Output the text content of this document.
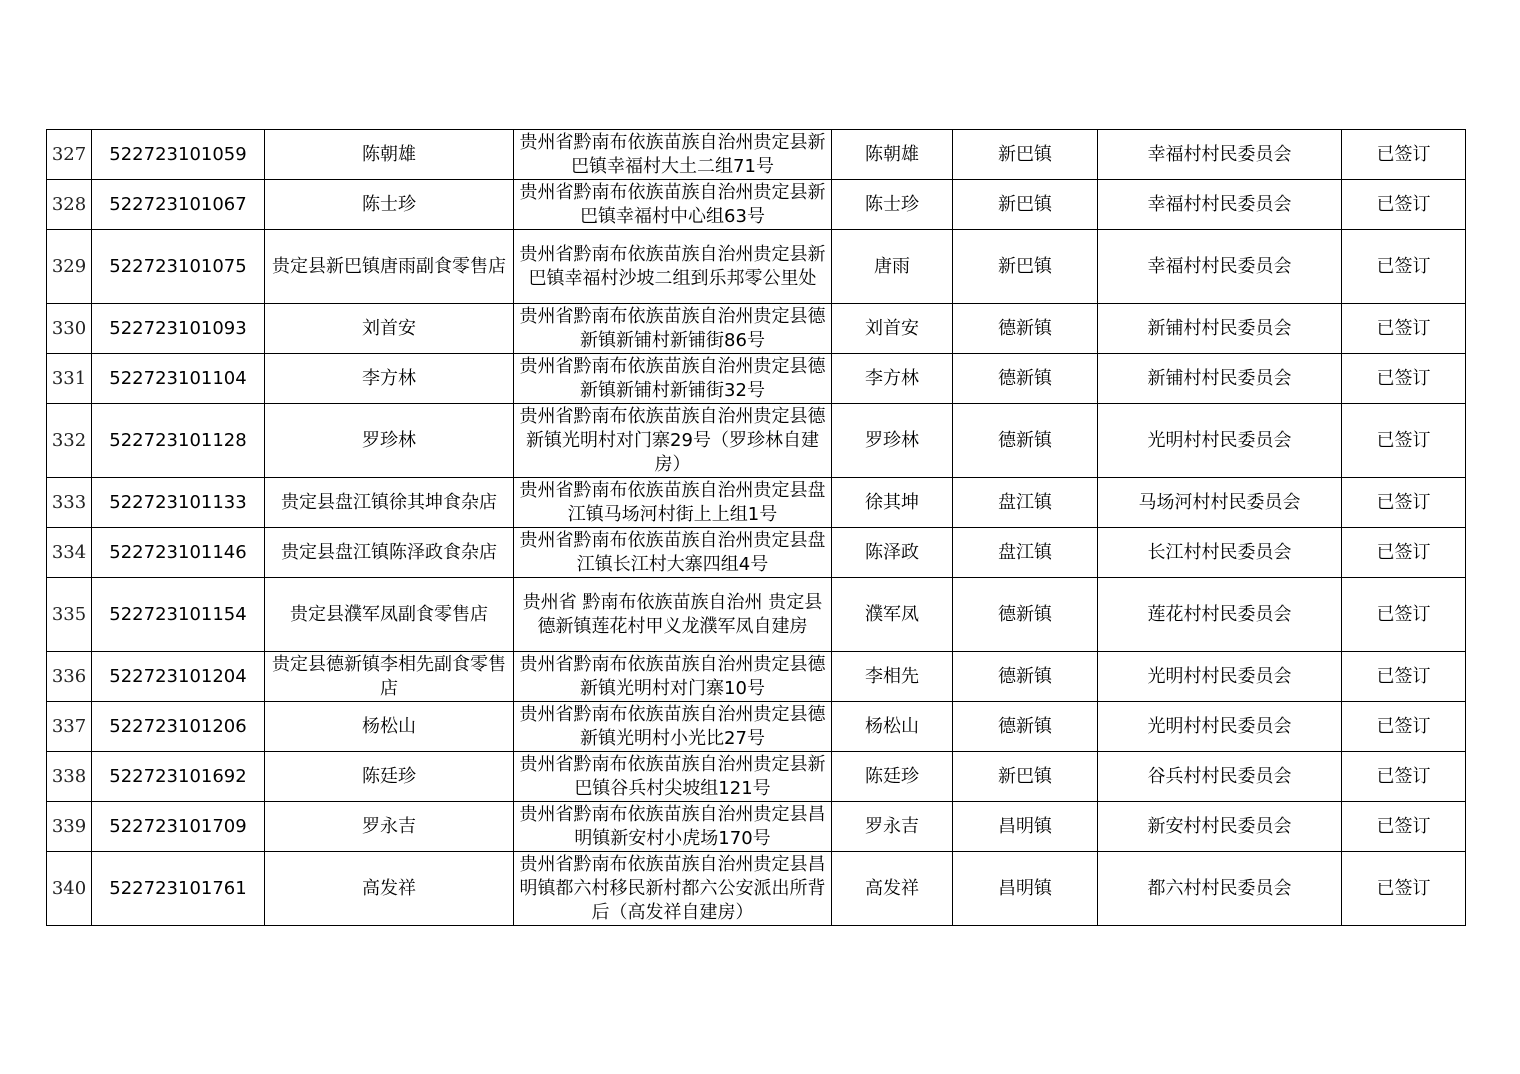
327	522723101059	陈朝雄	贵州省黔南布依族苗族自治州贵定县新巴镇幸福村大土二组71号	陈朝雄	新巴镇	幸福村村民委员会	已签订
328	522723101067	陈士珍	贵州省黔南布依族苗族自治州贵定县新巴镇幸福村中心组63号	陈士珍	新巴镇	幸福村村民委员会	已签订
329	522723101075	贵定县新巴镇唐雨副食零售店	贵州省黔南布依族苗族自治州贵定县新巴镇幸福村沙坡二组到乐邦零公里处	唐雨	新巴镇	幸福村村民委员会	已签订
330	522723101093	刘首安	贵州省黔南布依族苗族自治州贵定县德新镇新铺村新铺街86号	刘首安	德新镇	新铺村村民委员会	已签订
331	522723101104	李方林	贵州省黔南布依族苗族自治州贵定县德新镇新铺村新铺街32号	李方林	德新镇	新铺村村民委员会	已签订
332	522723101128	罗珍林	贵州省黔南布依族苗族自治州贵定县德新镇光明村对门寨29号（罗珍林自建房）	罗珍林	德新镇	光明村村民委员会	已签订
333	522723101133	贵定县盘江镇徐其坤食杂店	贵州省黔南布依族苗族自治州贵定县盘江镇马场河村街上上组1号	徐其坤	盘江镇	马场河村村民委员会	已签订
334	522723101146	贵定县盘江镇陈泽政食杂店	贵州省黔南布依族苗族自治州贵定县盘江镇长江村大寨四组4号	陈泽政	盘江镇	长江村村民委员会	已签订
335	522723101154	贵定县濮军凤副食零售店	贵州省 黔南布依族苗族自治州 贵定县德新镇莲花村甲义龙濮军凤自建房	濮军凤	德新镇	莲花村村民委员会	已签订
336	522723101204	贵定县德新镇李相先副食零售店	贵州省黔南布依族苗族自治州贵定县德新镇光明村对门寨10号	李相先	德新镇	光明村村民委员会	已签订
337	522723101206	杨松山	贵州省黔南布依族苗族自治州贵定县德新镇光明村小光比27号	杨松山	德新镇	光明村村民委员会	已签订
338	522723101692	陈廷珍	贵州省黔南布依族苗族自治州贵定县新巴镇谷兵村尖坡组121号	陈廷珍	新巴镇	谷兵村村民委员会	已签订
339	522723101709	罗永吉	贵州省黔南布依族苗族自治州贵定县昌明镇新安村小虎场170号	罗永吉	昌明镇	新安村村民委员会	已签订
340	522723101761	高发祥	贵州省黔南布依族苗族自治州贵定县昌明镇都六村移民新村都六公安派出所背后（高发祥自建房）	高发祥	昌明镇	都六村村民委员会	已签订
